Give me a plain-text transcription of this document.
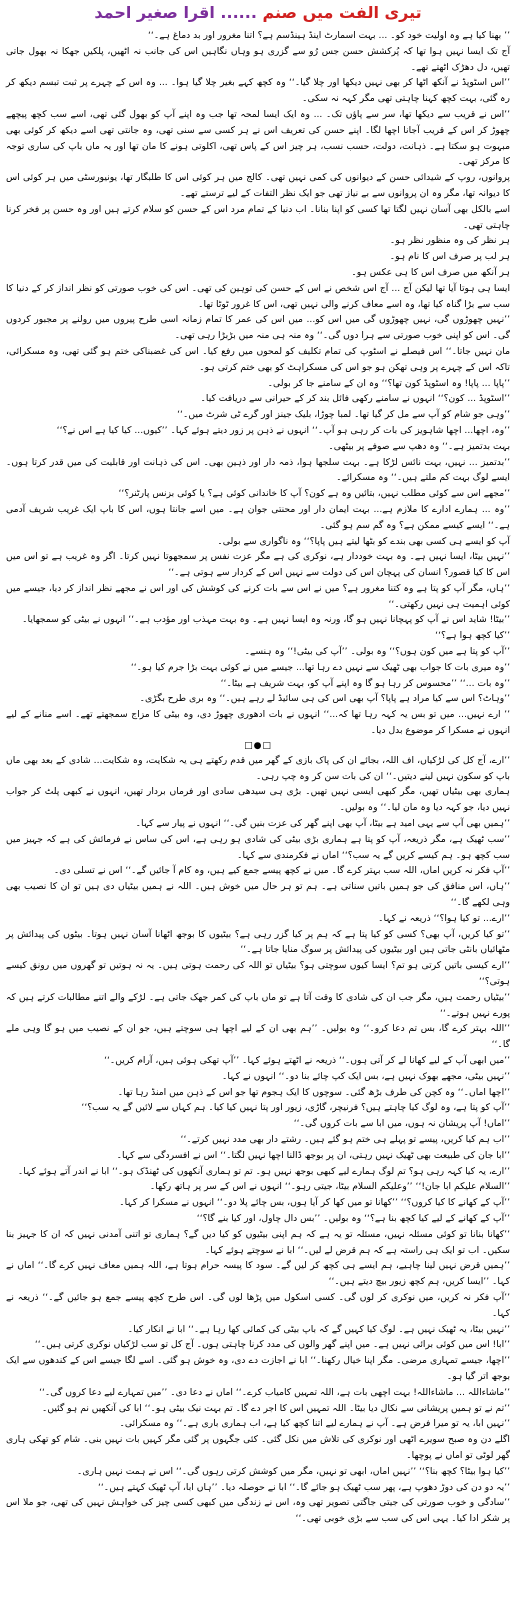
تیری الفت میں صنم ...... اقرا صغیر احمد

’’ بھنا کیا ہے وہ اولیت خود کو۔ ... بہت اسمارٹ اینڈ ہینڈسم ہے؟ اتنا مغرور اور بد دماغ ہے۔‘‘

آج تک ایسا نہیں ہوا تھا کہ پُرکشش حسن جس رُو سے گزری ہو وہاں نگاہیں اس کی جانب نہ اٹھیں، پلکیں جھکا نہ بھول جاتی تھیں، دل دھڑک اٹھتے تھے۔

’’اس اسٹوپڈ نے آنکھ اٹھا کر بھی نہیں دیکھا اور چلا گیا۔‘‘ وہ کچھ کہے بغیر چلا گیا ہوا۔ ... وہ اس کے چہرے پر ثبت تبسم دیکھ کر رہ گئی، بہت کچھ کہنا چاہتی تھی مگر کہہ نہ سکی۔

’’اس نے قریب سے دیکھا تھا، سر سے پاؤں تک۔ ... وہ ایک ایسا لمحہ تھا جب وہ اپنے آپ کو بھول گئی تھی، اسے سب کچھ پیچھے چھوڑ کر اس کے قریب آجانا اچھا لگا۔ اپنے حسن کی تعریف اس نے ہر کسی سے سنی تھی، وہ جانتی تھی اسے دیکھ کر کوئی بھی مبہوت ہو سکتا ہے۔ ذہانت، دولت، حسب نسب، ہر چیز اس کے پاس تھی، اکلوتی ہونے کا مان تھا اور یہ ماں باپ کی ساری توجہ کا مرکز تھی۔

پروانوں، روپ کے شیدائی حسن کے دیوانوں کی کمی نہیں تھی۔ کالج میں ہر کوئی اس کا طلبگار تھا، یونیورسٹی میں ہر کوئی اس کا دیوانہ تھا، مگر وہ ان پروانوں سے بے نیاز تھی جو ایک نظر التفات کے لیے ترستے تھے۔

اسے بالکل بھی آسان نہیں لگتا تھا کسی کو اپنا بنانا۔ اب دنیا کے تمام مرد اس کے حسن کو سلام کرتے ہیں اور وہ حسن پر فخر کرنا چاہتی تھی۔

ہر نظر کی وہ منظور نظر ہو۔

ہر لب پر صرف اس کا نام ہو۔

ہر آنکھ میں صرف اس کا ہی عکس ہو۔

ایسا ہی ہوتا آیا تھا لیکن آج ... آج اس شخص نے اس کے حسن کی توہین کی تھی۔ اس کی خوب صورتی کو نظر انداز کر کے دنیا کا سب سے بڑا گناہ کیا تھا، وہ اسے معاف کرنے والی نہیں تھی، اس کا غرور ٹوٹا تھا۔

’’نہیں چھوڑوں گی، نہیں چھوڑوں گی میں اس کو... میں اس کی عمر کا تمام زمانہ اسی طرح پیروں میں رولنے پر مجبور کردوں گی۔ اس کو اپنی خوب صورتی سے ہرا دوں گی۔‘‘ وہ منہ ہی منہ میں بڑبڑا رہی تھی۔

مان نہیں جاتا۔‘‘ اس فیصلے نے اسٹوپ کی تمام تکلیف کو لمحوں میں رفع کیا۔ اس کی غضبناکی ختم ہو گئی تھی، وہ مسکرائی، تاکہ اس کے چہرے پر وہی تھکن ہو جو اس کی مسکراہٹ کو بھی ختم کرتی ہو۔

’’پاپا ... پاپا! وہ اسٹوپڈ کون تھا؟‘‘ وہ ان کے سامنے جا کر بولی۔

’’اسٹوپڈ ... کون؟‘‘ انہوں نے سامنے رکھی فائل بند کر کے حیرانی سے دریافت کیا۔

’’وہی جو شام کو آپ سے مل کر گیا تھا۔ لمبا چوڑا، بلیک جینز اور گرے ٹی شرٹ میں۔‘‘

’’وہ، اچھا... اچھا شاہویز کی بات کر رہی ہو آپ۔‘‘ انہوں نے ذہن پر زور دیتے ہوئے کہا۔ ’’کیوں... کیا کیا ہے اس نے؟‘‘

بہت بدتمیز ہے۔‘‘ وہ دھپ سے صوفے پر بیٹھی۔

’’بدتمیز ... نہیں، بہت نائس لڑکا ہے۔ بہت سلجھا ہوا، ذمہ دار اور ذہین بھی۔ اس کی ذہانت اور قابلیت کی میں قدر کرتا ہوں۔ ایسے لوگ بہت کم ملتے ہیں۔‘‘ وہ مسکرائے۔

’’مجھے اس سے کوئی مطلب نہیں، بتائیں وہ ہے کون؟ آپ کا خاندانی کوئی ہے؟ یا کوئی بزنس پارٹنر؟‘‘

’’وہ ... ہمارے ادارے کا ملازم ہے... بہت ایمان دار اور محنتی جوان ہے۔ میں اسے جانتا ہوں، اس کا باپ ایک غریب شریف آدمی ہے۔‘‘ ایسے کیسے ممکن ہے؟ وہ گم سم ہو گئی۔

آپ کو ایسے ہی کسی بھی بندے کو بٹھا لیتے ہیں پاپا؟‘‘ وہ ناگواری سے بولی۔

’’نہیں بیٹا، ایسا نہیں ہے۔ وہ بہت خوددار ہے، نوکری کی ہے مگر عزت نفس پر سمجھوتا نہیں کرتا۔ اگر وہ غریب ہے تو اس میں اس کا کیا قصور؟ انسان کی پہچان اس کی دولت سے نہیں اس کے کردار سے ہوتی ہے۔‘‘

’’ہاں، مگر آپ کو پتا ہے وہ کتنا مغرور ہے؟ میں نے اس سے بات کرنے کی کوشش کی اور اس نے مجھے نظر انداز کر دیا، جیسے میں کوئی اہمیت ہی نہیں رکھتی۔‘‘

’’بیٹا! شاید اس نے آپ کو پہچانا نہیں ہو گا، ورنہ وہ ایسا نہیں ہے۔ وہ بہت مہذب اور مؤدب ہے۔‘‘ انہوں نے بیٹی کو سمجھایا۔

’’کیا کچھ ہوا ہے؟‘‘

’’آپ کو پتا ہے میں کون ہوں؟‘‘ وہ بولی۔ ’’آپ کی بیٹی!‘‘ وہ ہنسے۔

’’وہ میری بات کا جواب بھی ٹھیک سے نہیں دے رہا تھا... جیسے میں نے کوئی بہت بڑا جرم کیا ہو۔‘‘

’’وہ بات ...‘‘ ’’محسوس کر رہا ہو گا وہ اپنے آپ کو، بہت شریف ہے بیٹا۔‘‘

’’وہاٹ؟ اس سے کیا مراد ہے پاپا؟ آپ بھی اس کی ہی سائیڈ لے رہے ہیں۔‘‘ وہ بری طرح بگڑی۔

’’ ارے نہیں... میں تو بس یہ کہہ رہا تھا کہ...‘‘ انہوں نے بات ادھوری چھوڑ دی، وہ بیٹی کا مزاج سمجھتے تھے۔ اسے منانے کے لیے انہوں نے مسکرا کر موضوع بدل دیا۔

□●□

’’ارے، آج کل کی لڑکیاں، اف اللہ، بجائے ان کی پاک بازی کے گھر میں قدم رکھتے ہی یہ شکایت، وہ شکایت... شادی کے بعد بھی ماں باپ کو سکون نہیں لینے دیتیں۔‘‘ ان کی بات سن کر وہ چپ رہی۔

ہماری بھی بیٹیاں تھیں، مگر کبھی ایسی نہیں تھیں۔ بڑی ہی سیدھی سادی اور فرماں بردار تھیں، انہوں نے کبھی پلٹ کر جواب نہیں دیا، جو کہہ دیا وہ مان لیا۔‘‘ وہ بولیں۔

’’ہمیں بھی آپ سے یہی امید ہے بیٹا، آپ بھی اپنے گھر کی عزت بنیں گی۔‘‘ انہوں نے پیار سے کہا۔

’’سب ٹھیک ہے، مگر ذریعہ، آپ کو پتا ہے ہماری بڑی بیٹی کی شادی ہو رہی ہے، اس کی ساس نے فرمائش کی ہے کہ جہیز میں سب کچھ ہو۔ ہم کیسے کریں گے یہ سب؟‘‘ اماں نے فکرمندی سے کہا۔

’’آپ فکر نہ کریں اماں، اللہ سب بہتر کرے گا۔ میں نے کچھ پیسے جمع کیے ہیں، وہ کام آ جائیں گے۔‘‘ اس نے تسلی دی۔

’’ہاں، اس منافق کی جو ہمیں باتیں سناتی ہے۔ ہم تو ہر حال میں خوش ہیں۔ اللہ نے ہمیں بیٹیاں دی ہیں تو ان کا نصیب بھی وہی لکھے گا۔‘‘

’’ارے... تو کیا ہوا؟‘‘ ذریعہ نے کہا۔

’’تو کیا کریں، آپ بھی؟ کسی کو کیا پتا ہے کہ ہم پر کیا گزر رہی ہے؟ بیٹیوں کا بوجھ اٹھانا آسان نہیں ہوتا۔ بیٹوں کی پیدائش پر مٹھائیاں بانٹی جاتی ہیں اور بیٹیوں کی پیدائش پر سوگ منایا جاتا ہے۔‘‘

’’ارے کیسی باتیں کرتی ہو تم؟ ایسا کیوں سوچتی ہو؟ بیٹیاں تو اللہ کی رحمت ہوتی ہیں۔ یہ نہ ہوتیں تو گھروں میں رونق کیسے ہوتی؟‘‘

’’بیٹیاں رحمت ہیں، مگر جب ان کی شادی کا وقت آتا ہے تو ماں باپ کی کمر جھک جاتی ہے۔ لڑکے والے اتنے مطالبات کرتے ہیں کہ پورے نہیں ہوتے۔‘‘

’’اللہ بہتر کرے گا، بس تم دعا کرو۔‘‘ وہ بولیں۔ ’’ہم بھی ان کے لیے اچھا ہی سوچتے ہیں، جو ان کے نصیب میں ہو گا وہی ملے گا۔‘‘

’’میں ابھی آپ کے لیے کھانا لے کر آتی ہوں۔‘‘ ذریعہ نے اٹھتے ہوئے کہا۔ ’’آپ تھکی ہوئی ہیں، آرام کریں۔‘‘

’’نہیں بیٹی، مجھے بھوک نہیں ہے، بس ایک کپ چائے بنا دو۔‘‘ انہوں نے کہا۔

’’اچھا اماں۔‘‘ وہ کچن کی طرف بڑھ گئی۔ سوچوں کا ایک ہجوم تھا جو اس کے ذہن میں امنڈ رہا تھا۔

’’آپ کو پتا ہے، وہ لوگ کیا چاہتے ہیں؟ فرنیچر، گاڑی، زیور اور پتا نہیں کیا کیا۔ ہم کہاں سے لائیں گے یہ سب؟‘‘

’’اماں! آپ پریشان نہ ہوں، میں ابا سے بات کروں گی۔‘‘

’’اب ہم کیا کریں، پیسے تو پہلے ہی ختم ہو گئے ہیں۔ رشتے دار بھی مدد نہیں کرتے۔‘‘

’’ابا جان کی طبیعت بھی ٹھیک نہیں رہتی، ان پر بوجھ ڈالنا اچھا نہیں لگتا۔‘‘ اس نے افسردگی سے کہا۔

’’ارے، یہ کیا کہہ رہی ہو؟ تم لوگ ہمارے لیے کبھی بوجھ نہیں ہو۔ تم تو ہماری آنکھوں کی ٹھنڈک ہو۔‘‘ ابا نے اندر آتے ہوئے کہا۔

’’السلام علیکم ابا جان!‘‘ ’’وعلیکم السلام بیٹا، جیتی رہو۔‘‘ انہوں نے اس کے سر پر ہاتھ رکھا۔

’’آپ کے کھانے کا کیا کروں؟‘‘ ’’کھانا تو میں کھا کر آیا ہوں، بس چائے پلا دو۔‘‘ انہوں نے مسکرا کر کہا۔

’’آپ کے کھانے کے لیے کیا کچھ بنا ہے؟‘‘ وہ بولیں۔ ’’بس دال چاول، اور کیا بنے گا؟‘‘

’’کھانا بنانا تو کوئی مسئلہ نہیں، مسئلہ تو یہ ہے کہ ہم اپنی بیٹیوں کو کیا دیں گے؟ ہماری تو اتنی آمدنی نہیں کہ ان کا جہیز بنا سکیں۔ اب تو ایک ہی راستہ ہے کہ ہم قرض لے لیں۔‘‘ ابا نے سوچتے ہوئے کہا۔

’’ہمیں قرض نہیں لینا چاہیے، ہم ایسے ہی کچھ کر لیں گے۔ سود کا پیسہ حرام ہوتا ہے، اللہ ہمیں معاف نہیں کرے گا۔‘‘ اماں نے کہا۔ ’’ایسا کریں، ہم کچھ زیور بیچ دیتے ہیں۔‘‘

’’آپ فکر نہ کریں، میں نوکری کر لوں گی۔ کسی اسکول میں پڑھا لوں گی۔ اس طرح کچھ پیسے جمع ہو جائیں گے۔‘‘ ذریعہ نے کہا۔

’’نہیں بیٹا، یہ ٹھیک نہیں ہے۔ لوگ کیا کہیں گے کہ باپ بیٹی کی کمائی کھا رہا ہے۔‘‘ ابا نے انکار کیا۔

’’ابا! اس میں کوئی برائی نہیں ہے۔ میں اپنے گھر والوں کی مدد کرنا چاہتی ہوں۔ آج کل تو سب لڑکیاں نوکری کرتی ہیں۔‘‘

’’اچھا، جیسے تمہاری مرضی۔ مگر اپنا خیال رکھنا۔‘‘ ابا نے اجازت دے دی، وہ خوش ہو گئی۔ اسے لگا جیسے اس کے کندھوں سے ایک بوجھ اتر گیا ہو۔

’’ماشاءاللہ ... ماشاءاللہ! بہت اچھی بات ہے، اللہ تمہیں کامیاب کرے۔‘‘ اماں نے دعا دی۔ ’’میں تمہارے لیے دعا کروں گی۔‘‘

’’تم نے تو ہمیں پریشانی سے نکال دیا بیٹا۔ اللہ تمہیں اس کا اجر دے گا۔ تم بہت نیک بیٹی ہو۔‘‘ ابا کی آنکھیں نم ہو گئیں۔

’’نہیں ابا، یہ تو میرا فرض ہے۔ آپ نے ہمارے لیے اتنا کچھ کیا ہے، اب ہماری باری ہے۔‘‘ وہ مسکرائی۔

اگلے دن وہ صبح سویرے اٹھی اور نوکری کی تلاش میں نکل گئی۔ کئی جگہوں پر گئی مگر کہیں بات نہیں بنی۔ شام کو تھکی ہاری گھر لوٹی تو اماں نے پوچھا۔

’’کیا ہوا بیٹا؟ کچھ بنا؟‘‘ ’’نہیں اماں، ابھی تو نہیں، مگر میں کوشش کرتی رہوں گی۔‘‘ اس نے ہمت نہیں ہاری۔

’’یہ دو دن کی دوڑ دھوپ ہے، پھر سب ٹھیک ہو جائے گا۔‘‘ ابا نے حوصلہ دیا۔ ’’ہاں ابا، آپ ٹھیک کہتے ہیں۔‘‘

’’سادگی و خوب صورتی کی جیتی جاگتی تصویر تھی وہ، اس نے زندگی میں کبھی کسی چیز کی خواہش نہیں کی تھی، جو ملا اس پر شکر ادا کیا۔ یہی اس کی سب سے بڑی خوبی تھی۔‘‘
